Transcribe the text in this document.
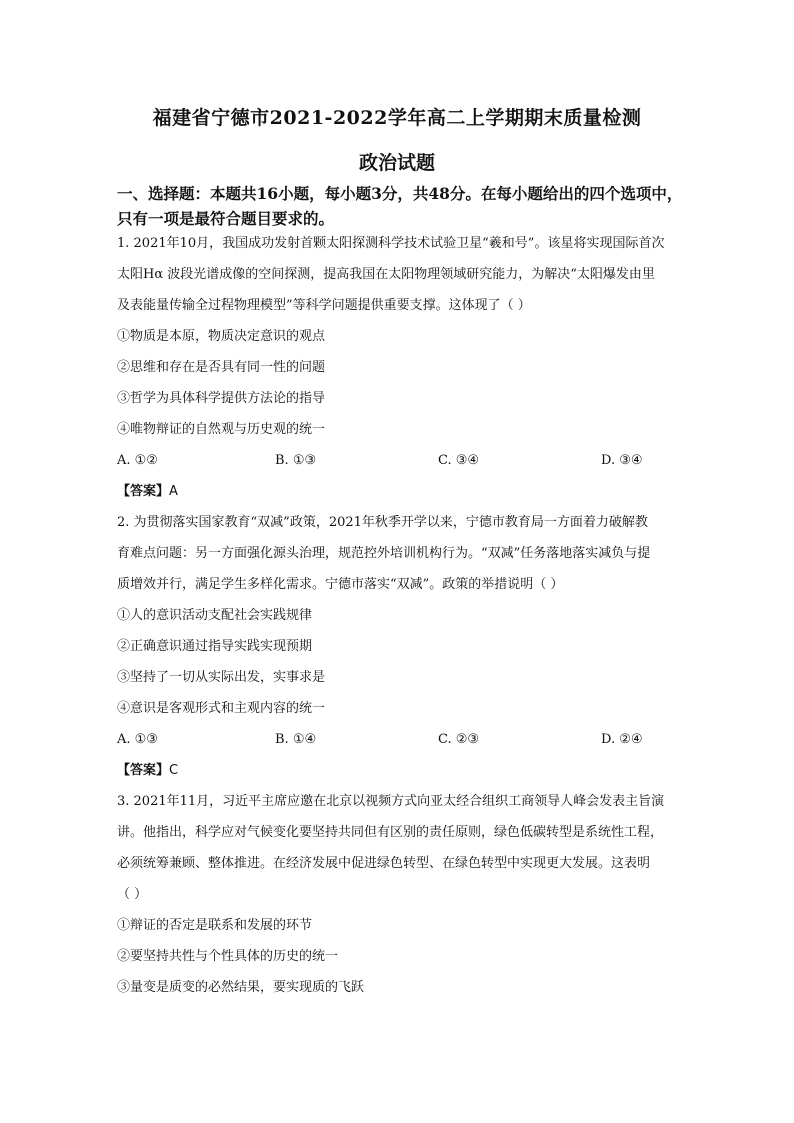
福建省宁德市2021-2022学年高二上学期期末质量检测
政治试题
一、选择题：本题共16小题，每小题3分，共48分。在每小题给出的四个选项中，
只有一项是最符合题目要求的。
1. 2021年10月，我国成功发射首颗太阳探测科学技术试验卫星“羲和号”。该星将实现国际首次
太阳Hα 波段光谱成像的空间探测，提高我国在太阳物理领域研究能力，为解决“太阳爆发由里
及表能量传输全过程物理模型”等科学问题提供重要支撑。这体现了（ ）
①物质是本原，物质决定意识的观点
②思维和存在是否具有同一性的问题
③哲学为具体科学提供方法论的指导
④唯物辩证的自然观与历史观的统一
A. ①②	B. ①③	C. ③④	D. ③④
【答案】A
2. 为贯彻落实国家教育“双减”政策，2021年秋季开学以来，宁德市教育局一方面着力破解教
育难点问题：另一方面强化源头治理，规范控外培训机构行为。“双减”任务落地落实减负与提
质增效并行，满足学生多样化需求。宁德市落实“双减”。政策的举措说明（ ）
①人的意识活动支配社会实践规律
②正确意识通过指导实践实现预期
③坚持了一切从实际出发，实事求是
④意识是客观形式和主观内容的统一
A. ①③	B. ①④	C. ②③	D. ②④
【答案】C
3. 2021年11月，习近平主席应邀在北京以视频方式向亚太经合组织工商领导人峰会发表主旨演
讲。他指出，科学应对气候变化要坚持共同但有区别的责任原则，绿色低碳转型是系统性工程，
必须统筹兼顾、整体推进。在经济发展中促进绿色转型、在绿色转型中实现更大发展。这表明
（ ）
①辩证的否定是联系和发展的环节
②要坚持共性与个性具体的历史的统一
③量变是质变的必然结果，要实现质的飞跃
